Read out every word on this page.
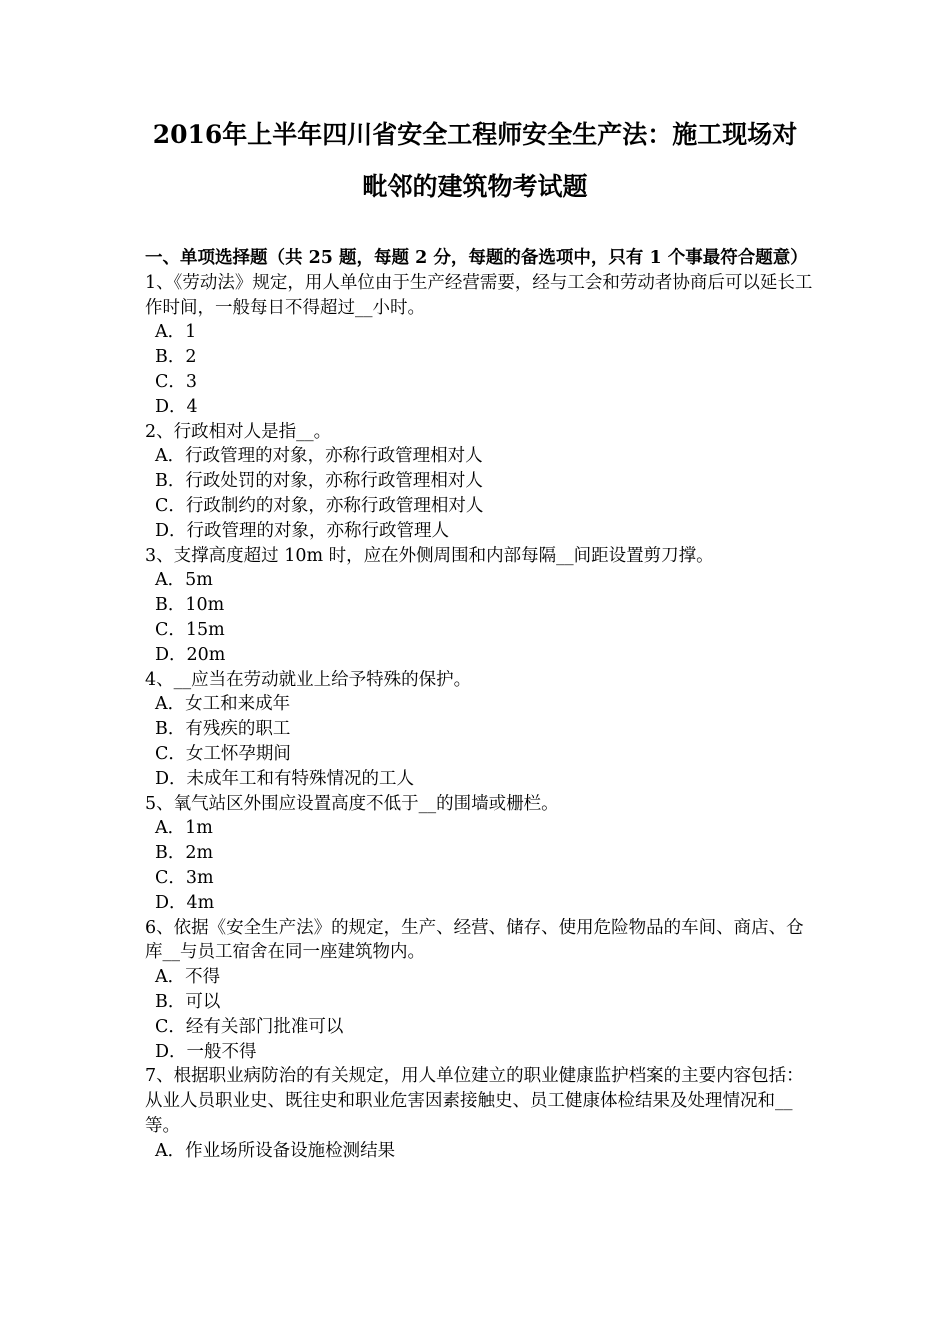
2016年上半年四川省安全工程师安全生产法：施工现场对
毗邻的建筑物考试题

一、单项选择题（共 25 题，每题 2 分，每题的备选项中，只有 1 个事最符合题意）

1、《劳动法》规定，用人单位由于生产经营需要，经与工会和劳动者协商后可以延长工作时间，一般每日不得超过__小时。

A．1

B．2

C．3

D．4

2、行政相对人是指__。

A．行政管理的对象，亦称行政管理相对人

B．行政处罚的对象，亦称行政管理相对人

C．行政制约的对象，亦称行政管理相对人

D．行政管理的对象，亦称行政管理人

3、支撑高度超过 10m 时，应在外侧周围和内部每隔__间距设置剪刀撑。

A．5m

B．10m

C．15m

D．20m

4、__应当在劳动就业上给予特殊的保护。

A．女工和来成年

B．有残疾的职工

C．女工怀孕期间

D．未成年工和有特殊情况的工人

5、氧气站区外围应设置高度不低于__的围墙或栅栏。

A．1m

B．2m

C．3m

D．4m

6、依据《安全生产法》的规定，生产、经营、储存、使用危险物品的车间、商店、仓库__与员工宿舍在同一座建筑物内。

A．不得

B．可以

C．经有关部门批准可以

D．一般不得

7、根据职业病防治的有关规定，用人单位建立的职业健康监护档案的主要内容包括：从业人员职业史、既往史和职业危害因素接触史、员工健康体检结果及处理情况和__等。

A．作业场所设备设施检测结果
